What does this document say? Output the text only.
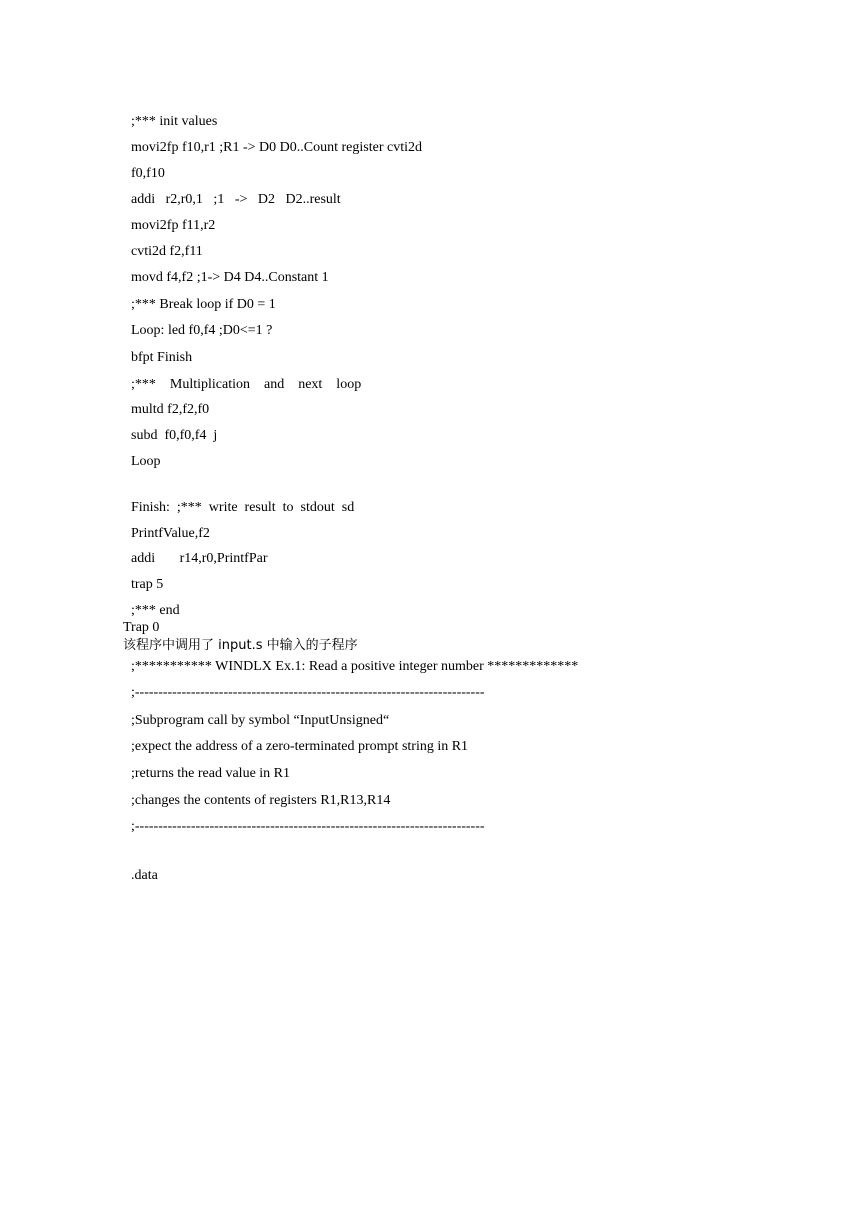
;*** init values

movi2fp f10,r1 ;R1 -> D0 D0..Count register cvti2d

f0,f10

addi   r2,r0,1   ;1   ->   D2   D2..result

movi2fp f11,r2

cvti2d f2,f11

movd f4,f2 ;1-> D4 D4..Constant 1

;*** Break loop if D0 = 1

Loop: led f0,f4 ;D0<=1 ?

bfpt Finish

;***    Multiplication    and    next    loop

multd f2,f2,f0

subd  f0,f0,f4  j

Loop

Finish:  ;***  write  result  to  stdout  sd

PrintfValue,f2

addi       r14,r0,PrintfPar

trap 5

;*** end

Trap 0

该程序中调用了 input.s 中输入的子程序

;*********** WINDLX Ex.1: Read a positive integer number *************

;---------------------------------------------------------------------------

;Subprogram call by symbol “InputUnsigned“

;expect the address of a zero-terminated prompt string in R1

;returns the read value in R1

;changes the contents of registers R1,R13,R14

;---------------------------------------------------------------------------

.data
